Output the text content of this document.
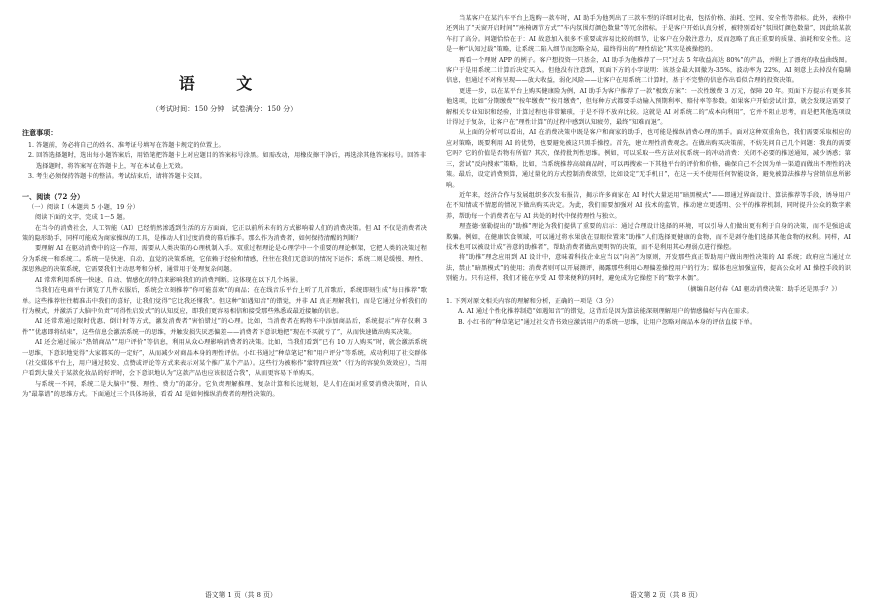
语 文
（考试时间：150 分钟　试卷满分：150 分）
注意事项：
1. 答题前，务必将自己的姓名、准考证号填写在答题卡规定的位置上。
2. 回答选择题时，选出每小题答案后，用铅笔把答题卡上对应题目的答案标号涂黑。如需改动，用橡皮擦干净后，再选涂其他答案标号。回答非选择题时，将答案写在答题卡上，写在本试卷上无效。
3. 考生必须保持答题卡的整洁。考试结束后，请将答题卡交回。
一、阅读（72 分）
（一）阅读 I（本题共 5 小题，19 分）
阅读下面的文字，完成 1～5 题。
在当今的消费社会，人工智能（AI）已经悄然渗透到生活的方方面面，它正以前所未有的方式影响着人们的消费决策。但 AI 不仅是消费者决策的隐形助手，同样可能成为商家操纵的工具，是推动人们过度消费的幕后推手。那么作为消费者，如何保持清醒的判断？
要理解 AI 在驱动消费中的这一作用，需要从人类决策的心理机制入手。双重过程理论是心理学中一个重要的理论框架，它把人类的决策过程分为系统一和系统二。系统一是快速、自动、直觉的决策系统，它依赖于经验和情感，往往在我们无意识的情况下运作；系统二则是缓慢、理性、深思熟虑的决策系统，它需要我们主动思考和分析，通常用于处理复杂问题。
AI 常常利用系统一快速、自动、情感化的特点来影响我们的消费判断。这体现在以下几个场景。
当我们在电商平台浏览了几件衣服后，系统会立刻推荐“你可能喜欢”的商品；在在线音乐平台上听了几首歌后，系统即刻生成“每日推荐”歌单。这些推荐往往精准击中我们的喜好，让我们觉得“它比我还懂我”。但这种“如遇知音”的错觉，并非 AI 真正理解我们，而是它通过分析我们的行为模式，并激活了大脑中负责“可得性启发式”的认知反应，即我们更容易相信和接受那些熟悉或最近接触的信息。
AI 还常常通过限时优惠、倒计时等方式，激发消费者“害怕错过”的心理。比如，当消费者在购物车中添加商品后，系统提示“库存仅剩 3 件”“优惠即将结束”，这些信息会激活系统一的思维，并触发损失厌恶偏差——消费者下意识地把“现在不买就亏了”，从而快速做出购买决策。
AI 还会通过展示“热销商品”“用户评价”等信息，利用从众心理影响消费者的决策。比如，当我们看到“已有 10 万人购买”时，就会激活系统一思维，下意识地觉得“大家都买的一定好”，从而减少对商品本身的理性评估。小红书通过“种草笔记”和“用户评分”等系统，成功利用了社交群体（社交媒体平台上，用户通过转发、点赞或评论等方式来表示对某个推广某个产品）。这些行为被称作“蒙特西应效”（行为的容貌负效效应），当用户看到大量关于某款化妆品的好评时，会下意识地认为“这款产品也应该很适合我”，从而更容易下单购买。
与系统一不同，系统二是大脑中“慢、理性、费力”的部分。它负责理解推理、复杂计算和长远规划，是人们在面对重要消费决策时，自认为“最靠谱”的思维方式。下面通过三个具体场景，看看 AI 是如何操纵消费者的理性决策的。
当某客户在某汽车平台上选购一款车时，AI 助手为他列出了三款车型的详细对比表，包括价格、油耗、空间、安全性等指标。此外，表格中还列出了“天窗开启时间”“座椅调节方式”“车内氛围灯颜色数量”等冗余指标。于是客户开始认真分析，被特别看好“氛围灯颜色数量”，因此给某款车打了高分。问题恰恰在于：AI 故意加入很多不重要或容易比较的细节，让客户在分散注意力，反而忽略了真正重要的质量、油耗和安全性。这是一种“认知过载”策略，让系统二陷入细节而忽略全局，最终得出的“理性结论”其实是被操控的。
再看一个理财 APP 的例子。客户想投资一只基金，AI 助手为他推荐了一只“过去 5 年收益高达 80%”的产品，并附上了漂亮的收益曲线图。客户于是用系统二计算后决定买入。但他没有注意到，页面下方的小字说明：该基金最大回撤为-35%，波动率为 22%，AI 刻意上去掉没有隐瞒信息，但通过不对称呈现——放大收益，弱化风险——让客户在用系统二计算时，基于不完整的信息作出看似合理的投资决策。
更进一步，以在某平台上购买健康险为例，AI 助手为客户推荐了一款“极致方案”：一次性缴费 3 万元，保障 20 年。页面下方提示有更多其他选项，比如“分期缴费”“按年缴费”“按月缴费”，但每种方式都要手动输入预期利率、赔付率等参数。如果客户开始尝试计算，就会发现这需要了解相关专业知识和经验，计算过程也非常繁琐，于是不得不放弃比较。这就是 AI 对系统二的“成本向利用”，它并不阻止思考，而是把其他选项设计得过于复杂，让客户在“理性计算”的过程中感到认知疲劳，最终“知难而退”。
从上面的分析可以看出，AI 在消费决策中既是客户和商家的助手，也可能是操纵消费心理的黑手。面对这种双重角色，我们需要采取相应的应对策略，既要利用 AI 的优势，也要避免被这只黑手操控。首先，建立理性消费观念。在做出购买决策前，不妨先问自己几个问题：我真的需要它吗？它的价值是否物有所值？其次，保持批判性思维。例如，可以采取一些方法对抗系统一的冲动消费：关闭不必要的推送通知，减少诱惑；第三，尝试“反向搜索”策略，比如，当系统推荐高端商品时，可以再搜索一下其他平台的评价和价格，确保自己不会因为单一渠道而做出不理性的决策。最后，设定消费预算，通过量化的方式控制消费欲望，比如设定“无手机日”，在这一天不使用任何智能设备，避免被算法推荐与营销信息所影响。
近年来，经济合作与发展组织多次发布报告，揭示许多商家在 AI 时代大量运用“暗黑模式”——即通过界面设计、算法推荐等手段，诱导用户在不知情或不情愿的情况下做出购买决定。为此，我们需要加强对 AI 技术的监管，推动建立更透明、公平的推荐机制，同时提升公众的数字素养，帮助每一个消费者在与 AI 共处的时代中保持理性与独立。
理查德·塞勒提出的“助推”理论为我们提供了重要的启示：通过合理设计选择的环境，可以引导人们做出更有利于自身的决策，而不是强迫或欺骗。例如，在健康饮食领域，可以通过将水果放在显眼位置来“助推”人们选择更健康的食物，而不是剥夺他们选择其他食物的权利。同样，AI 技术也可以被设计成“善意的助推者”，帮助消费者做出更明智的决策，而不是利用其心理弱点进行操控。
将“助推”理念应用到 AI 设计中，意味着科技企业应当以“向善”为原则，开发那些真正帮助用户做出理性决策的 AI 系统；政府应当通过立法，禁止“暗黑模式”的使用；消费者则可以开展测评，揭露那些利用心理偏差操控用户的行为；媒体也应加强宣传，提高公众对 AI 操控手段的识别能力。只有这样，我们才能在享受 AI 带来便利的同时，避免成为它操控下的“数字木偶”。
（摘编自赵付春《AI 驱动消费决策：助手还是黑手？》）
1. 下列对原文相关内容的理解和分析，正确的一项是（3 分）
A. AI 通过个性化推荐制造“如遇知音”的错觉，这背后是因为算法能深刻理解用户的情感偏好与内在需求。
B. 小红书的“种草笔记”通过社交背书效应激活用户的系统一思维，让用户忽略对商品本身的评估直接下单。
语文第 1 页（共 8 页）	语文第 2 页（共 8 页）
